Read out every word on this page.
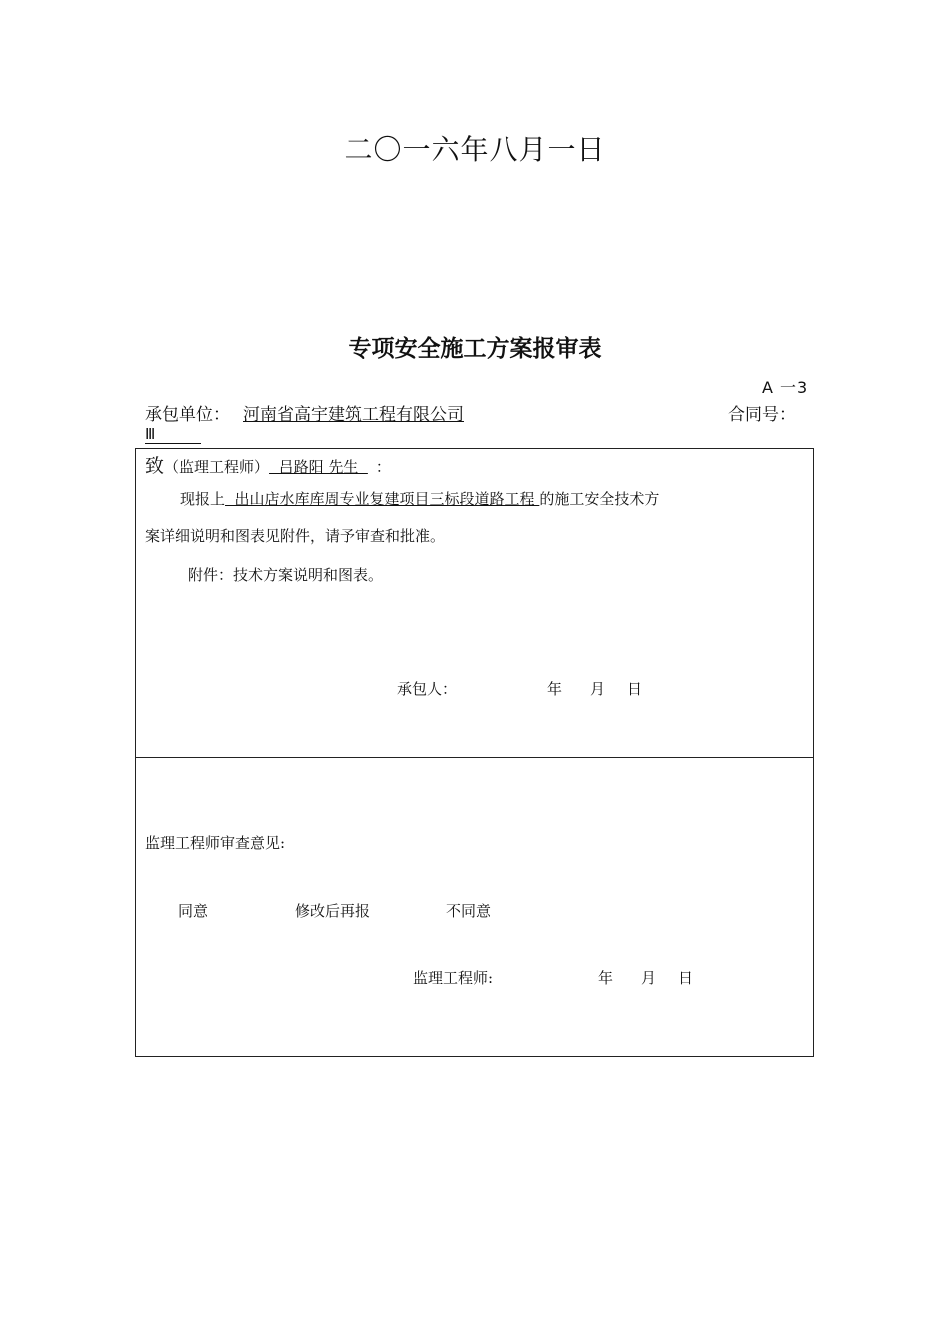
二〇一六年八月一日
专项安全施工方案报审表
A 一3
承包单位： 河南省高宇建筑工程有限公司	合同号：
Ⅲ
致（监理工程师）  吕路阳 先生  ：
现报上  出山店水库库周专业复建项目三标段道路工程 的施工安全技术方
案详细说明和图表见附件，请予审查和批准。
附件：技术方案说明和图表。
承包人：	年 月 日
监理工程师审查意见:
同意	修改后再报	不同意
监理工程师:	年 月 日
